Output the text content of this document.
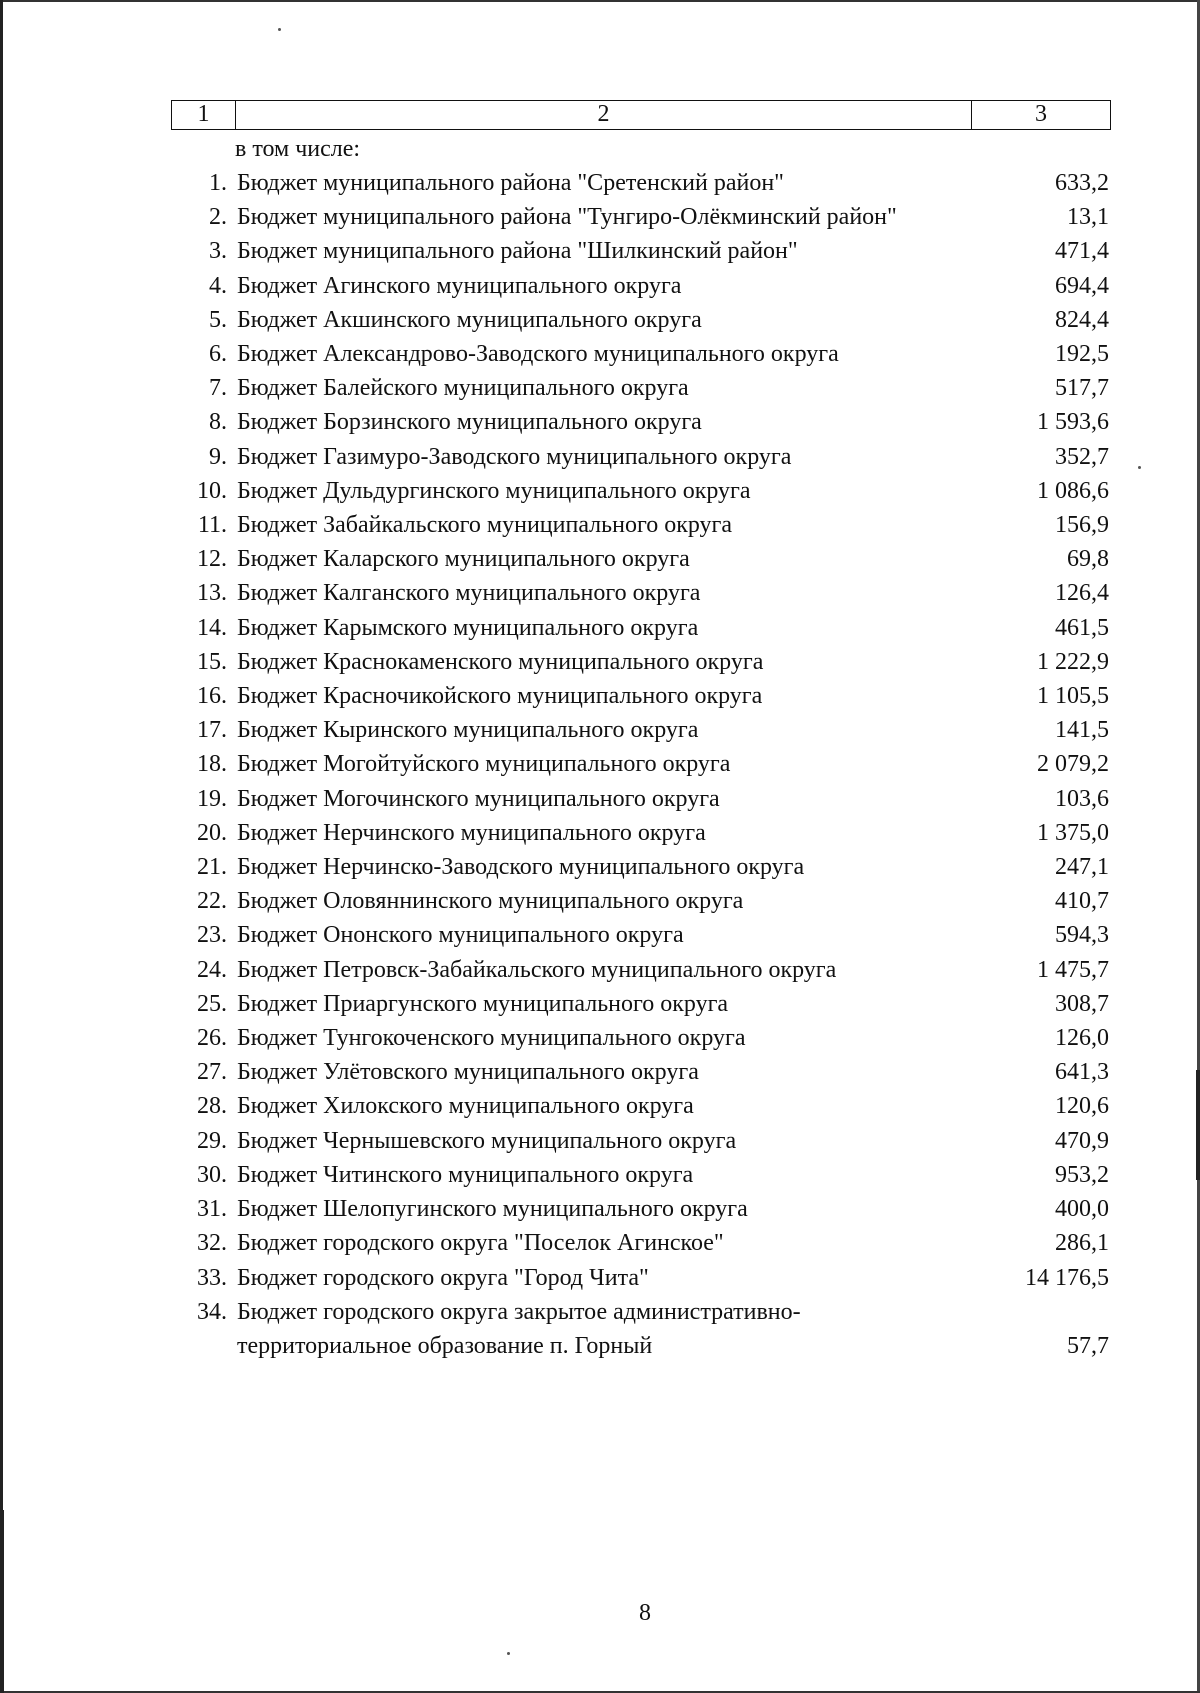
1	2	3
в том числе:
1. Бюджет муниципального района "Сретенский район"	633,2
2. Бюджет муниципального района "Тунгиро-Олёкминский район"	13,1
3. Бюджет муниципального района "Шилкинский район"	471,4
4. Бюджет Агинского муниципального округа	694,4
5. Бюджет Акшинского муниципального округа	824,4
6. Бюджет Александрово-Заводского муниципального округа	192,5
7. Бюджет Балейского муниципального округа	517,7
8. Бюджет Борзинского муниципального округа	1 593,6
9. Бюджет Газимуро-Заводского муниципального округа	352,7
10. Бюджет Дульдургинского муниципального округа	1 086,6
11. Бюджет Забайкальского муниципального округа	156,9
12. Бюджет Каларского муниципального округа	69,8
13. Бюджет Калганского муниципального округа	126,4
14. Бюджет Карымского муниципального округа	461,5
15. Бюджет Краснокаменского муниципального округа	1 222,9
16. Бюджет Красночикойского муниципального округа	1 105,5
17. Бюджет Кыринского муниципального округа	141,5
18. Бюджет Могойтуйского муниципального округа	2 079,2
19. Бюджет Могочинского муниципального округа	103,6
20. Бюджет Нерчинского муниципального округа	1 375,0
21. Бюджет Нерчинско-Заводского муниципального округа	247,1
22. Бюджет Оловяннинского муниципального округа	410,7
23. Бюджет Ононского муниципального округа	594,3
24. Бюджет Петровск-Забайкальского муниципального округа	1 475,7
25. Бюджет Приаргунского муниципального округа	308,7
26. Бюджет Тунгокоченского муниципального округа	126,0
27. Бюджет Улётовского муниципального округа	641,3
28. Бюджет Хилокского муниципального округа	120,6
29. Бюджет Чернышевского муниципального округа	470,9
30. Бюджет Читинского муниципального округа	953,2
31. Бюджет Шелопугинского муниципального округа	400,0
32. Бюджет городского округа "Поселок Агинское"	286,1
33. Бюджет городского округа "Город Чита"	14 176,5
34. Бюджет городского округа закрытое административно-
территориальное образование п. Горный	57,7
8
